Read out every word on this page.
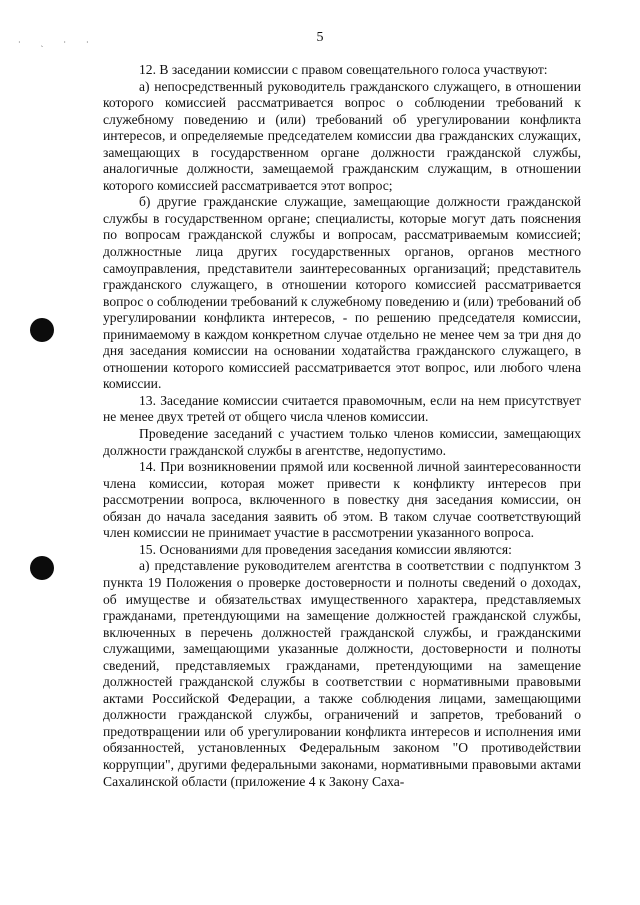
· ˏ · ·	5

12. В заседании комиссии с правом совещательного голоса участвуют:

а) непосредственный руководитель гражданского служащего, в отношении которого комиссией рассматривается вопрос о соблюдении требований к служебному поведению и (или) требований об урегулировании конфликта интересов, и определяемые председателем комиссии два гражданских служащих, замещающих в государственном органе должности гражданской службы, аналогичные должности, замещаемой гражданским служащим, в отношении которого комиссией рассматривается этот вопрос;

б) другие гражданские служащие, замещающие должности гражданской службы в государственном органе; специалисты, которые могут дать пояснения по вопросам гражданской службы и вопросам, рассматриваемым комиссией; должностные лица других государственных органов, органов местного самоуправления, представители заинтересованных организаций; представитель гражданского служащего, в отношении которого комиссией рассматривается вопрос о соблюдении требований к служебному поведению и (или) требований об урегулировании конфликта интересов, - по решению председателя комиссии, принимаемому в каждом конкретном случае отдельно не менее чем за три дня до дня заседания комиссии на основании ходатайства гражданского служащего, в отношении которого комиссией рассматривается этот вопрос, или любого члена комиссии.

13. Заседание комиссии считается правомочным, если на нем присутствует не менее двух третей от общего числа членов комиссии.

Проведение заседаний с участием только членов комиссии, замещающих должности гражданской службы в агентстве, недопустимо.

14. При возникновении прямой или косвенной личной заинтересованности члена комиссии, которая может привести к конфликту интересов при рассмотрении вопроса, включенного в повестку дня заседания комиссии, он обязан до начала заседания заявить об этом. В таком случае соответствующий член комиссии не принимает участие в рассмотрении указанного вопроса.

15. Основаниями для проведения заседания комиссии являются:

а) представление руководителем агентства в соответствии с подпунктом 3 пункта 19 Положения о проверке достоверности и полноты сведений о доходах, об имуществе и обязательствах имущественного характера, представляемых гражданами, претендующими на замещение должностей гражданской службы, включенных в перечень должностей гражданской службы, и гражданскими служащими, замещающими указанные должности, достоверности и полноты сведений, представляемых гражданами, претендующими на замещение должностей гражданской службы в соответствии с нормативными правовыми актами Российской Федерации, а также соблюдения лицами, замещающими должности гражданской службы, ограничений и запретов, требований о предотвращении или об урегулировании конфликта интересов и исполнения ими обязанностей, установленных Федеральным законом "О противодействии коррупции", другими федеральными законами, нормативными правовыми актами Сахалинской области (приложение 4 к Закону Саха-
